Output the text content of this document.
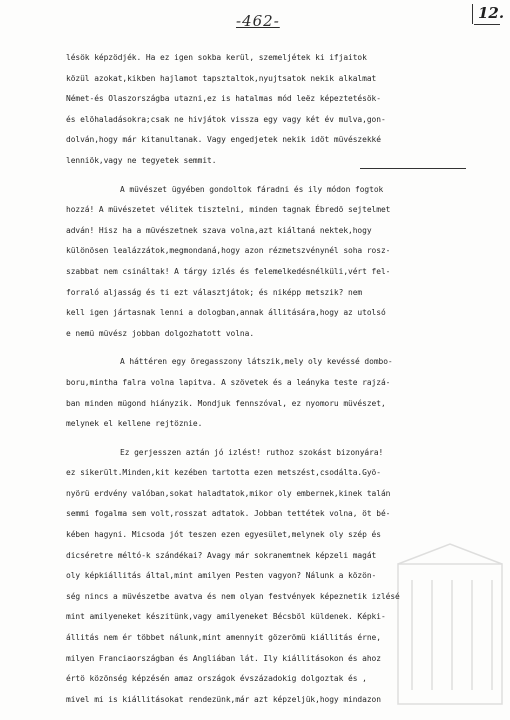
-462-	12.
lésök képzödjék. Ha ez igen sokba kerül, szemeljétek ki ifjaitok
közül azokat,kikben hajlamot tapsztaltok,nyujtsatok nekik alkalmat
Német-és Olaszországba utazni,ez is hatalmas mód leëz képeztetésök-
és elöhaladásokra;csak ne hivjátok vissza egy vagy két év mulva,gon-
dolván,hogy már kitanultanak. Vagy engedjetek nekik idöt müvészekké
lenniök,vagy ne tegyetek semmit.
A müvészet ügyében gondoltok fáradni és ily módon fogtok
hozzá! A müvészetet vélitek tisztelni, minden tagnak Ébredö sejtelmet
adván! Hisz ha a müvészetnek szava volna,azt kiáltaná nektek,hogy
különösen lealázzátok,megmondaná,hogy azon rézmetszvénynél soha rosz-
szabbat nem csináltak! A tárgy izlés és felemelkedésnélküli,vért fel-
forraló aljasság és ti ezt választjátok; és niképp metszik? nem
kell igen jártasnak lenni a dologban,annak állitására,hogy az utolsó
e nemü müvész jobban dolgozhatott volna.
A háttéren egy öregasszony látszik,mely oly kevéssé dombo-
boru,mintha falra volna lapitva. A szövetek és a leányka teste rajzá-
ban minden mügond hiányzik. Mondjuk fennszóval, ez nyomoru müvészet,
melynek el kellene rejtöznie.
Ez gerjesszen aztán jó izlést! ruthoz szokást bizonyára!
ez sikerült.Minden,kit kezében tartotta ezen metszést,csodálta.Gyö-
nyörü erdvény valóban,sokat haladtatok,mikor oly embernek,kinek talán
semmi fogalma sem volt,rosszat adtatok. Jobban tettétek volna, öt bé-
kében hagyni. Micsoda jót teszen ezen egyesület,melynek oly szép és
dicséretre méltó-k szándékai? Avagy már sokranemtnek képzeli magát
oly képkiállitás által,mint amilyen Pesten vagyon? Nálunk a közön-
ség nincs a müvészetbe avatva és nem olyan festvények képeznetik izlésé
mint amilyeneket készitünk,vagy amilyeneket Bécsböl küldenek. Képki-
állitás nem ér többet nálunk,mint amennyit gözerömü kiállitás érne,
milyen Franciaországban és Angliában lát. Ily kiállitásokon és ahoz
értö közönség képzésén amaz országok évszázadokig dolgoztak és ,
mivel mi is kiállitásokat rendezünk,már azt képzeljük,hogy mindazon
